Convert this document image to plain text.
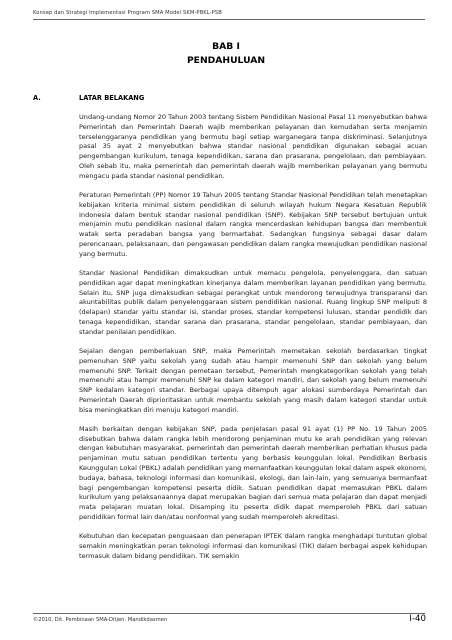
Konsep dan Strategi Implementasi Program SMA Model SKM-PBKL-PSB
BAB I
PENDAHULUAN
A.	LATAR BELAKANG

Undang-undang Nomor 20 Tahun 2003 tentang Sistem Pendidikan Nasional Pasal 11 menyebutkan bahwa Pemerintah dan Pemerintah Daerah wajib memberikan pelayanan dan kemudahan serta menjamin terselenggaranya pendidikan yang bermutu bagi setiap warganegara tanpa diskriminasi. Selanjutnya pasal 35 ayat 2 menyebutkan bahwa standar nasional pendidikan digunakan sebagai acuan pengembangan kurikulum, tenaga kependidikan, sarana dan prasarana, pengelolaan, dan pembiayaan. Oleh sebab itu, maka pemerintah dan pemerintah daerah wajib memberikan pelayanan yang bermutu mengacu pada standar nasional pendidikan.

Peraturan Pemerintah (PP) Nomor 19 Tahun 2005 tentang Standar Nasional Pendidikan telah menetapkan kebijakan kriteria minimal sistem pendidikan di seluruh wilayah hukum Negara Kesatuan Republik Indonesia dalam bentuk standar nasional pendidikan (SNP). Kebijakan SNP tersebut bertujuan untuk menjamin mutu pendidikan nasional dalam rangka mencerdaskan kehidupan bangsa dan membentuk watak serta peradaban bangsa yang bermartabat. Sedangkan fungsinya sebagai dasar dalam perencanaan, pelaksanaan, dan pengawasan pendidikan dalam rangka mewujudkan pendidikan nasional yang bermutu.

Standar Nasional Pendidikan dimaksudkan untuk memacu pengelola, penyelenggara, dan satuan pendidikan agar dapat meningkatkan kinerjanya dalam memberikan layanan pendidikan yang bermutu. Selain itu, SNP juga dimaksudkan sebagai perangkat untuk mendorong terwujudnya transparansi dan akuntabilitas publik dalam penyelenggaraan sistem pendidikan nasional. Ruang lingkup SNP meliputi 8 (delapan) standar yaitu standar isi, standar proses, standar kompetensi lulusan, standar pendidik dan tenaga kependidikan, standar sarana dan prasarana, standar pengelolaan, standar pembiayaan, dan standar penilaian pendidikan.

Sejalan dengan pemberlakuan SNP, maka Pemerintah memetakan sekolah berdasarkan tingkat pemenuhan SNP yaitu sekolah yang sudah atau hampir memenuhi SNP dan sekolah yang belum memenuhi SNP. Terkait dengan pemetaan tersebut, Pemerintah mengkategorikan sekolah yang telah memenuhi atau hampir memenuhi SNP ke dalam kategori mandiri, dan sekolah yang belum memenuhi SNP kedalam kategori standar. Berbagai upaya ditempuh agar alokasi sumberdaya Pemerintah dan Pemerintah Daerah diprioritaskan untuk membantu sekolah yang masih dalam kategori standar untuk bisa meningkatkan diri menuju kategori mandiri.

Masih berkaitan dengan kebijakan SNP, pada penjelasan pasal 91 ayat (1) PP No. 19 Tahun 2005 disebutkan bahwa dalam rangka lebih mendorong penjaminan mutu ke arah pendidikan yang relevan dengan kebutuhan masyarakat, pemerintah dan pemerintah daerah memberikan perhatian khusus pada penjaminan mutu satuan pendidikan tertentu yang berbasis keunggulan lokal. Pendidikan Berbasis Keunggulan Lokal (PBKL) adalah pendidikan yang memanfaatkan keunggulan lokal dalam aspek ekonomi, budaya, bahasa, teknologi informasi dan komunikasi, ekologi, dan lain-lain, yang semuanya bermanfaat bagi pengembangan kompetensi peserta didik. Satuan pendidikan dapat memasukan PBKL dalam kurikulum yang pelaksanaannya dapat merupakan bagian dari semua mata pelajaran dan dapat menjadi mata pelajaran muatan lokal. Disamping itu peserta didik dapat memperoleh PBKL dari satuan pendidikan formal lain dan/atau nonformal yang sudah memperoleh akreditasi.

Kebutuhan dan kecepatan penguasaan dan penerapan IPTEK dalam rangka menghadapi tuntutan global semakin meningkatkan peran teknologi informasi dan komunikasi (TIK) dalam berbagai aspek kehidupan termasuk dalam bidang pendidikan. TIK semakin

©2010, Dit. Pembinaan SMA-Ditjen. Mandikdasmen	I-40
